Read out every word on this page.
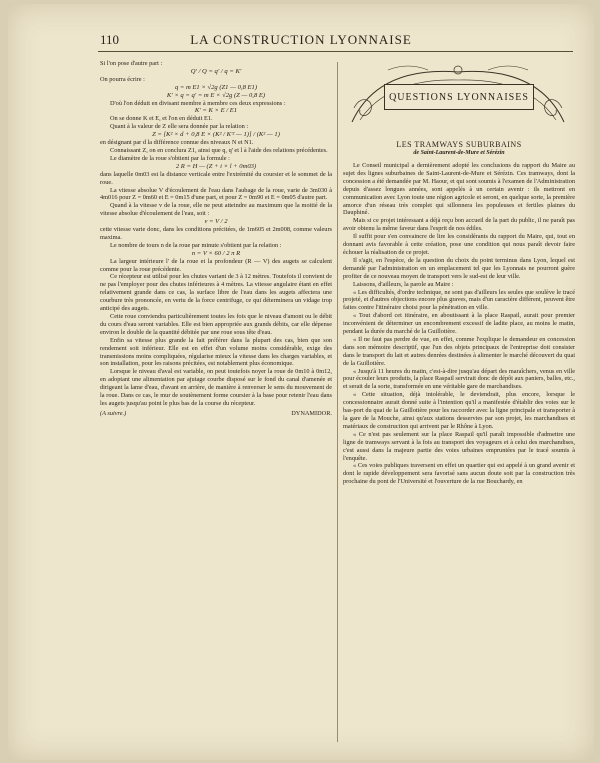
110	LA CONSTRUCTION LYONNAISE

Si l'on pose d'autre part :

Q' / Q = q' / q = K'

On pourra écrire :

q = m E1 × √2g (Z1 — 0,8 E1)

K' × q = q' = m E × √2g (Z — 0,8 E)

D'où l'on déduit en divisant membre à membre ces deux expressions :

K' = K × E / E1

On se donne K et E, et l'on en déduit E1.

Quant à la valeur de Z elle sera donnée par la relation :

Z = [K² × d + 0,8 E × (K² / K'² — 1)] / (K² — 1)

en désignant par d la différence connue des niveaux N et N1.

Connaissant Z, on en conclura Z1, ainsi que q, q' et l à l'aide des relations précédentes.

Le diamètre de la roue s'obtient par la formule :

2 R = H — (Z + i × l + 0m03)

dans laquelle 0m03 est la distance verticale entre l'extrémité du coursier et le sommet de la roue.

La vitesse absolue V d'écoulement de l'eau dans l'aubage de la roue, varie de 3m030 à 4m016 pour Z = 0m60 et E = 0m15 d'une part, et pour Z = 0m90 et E = 0m05 d'autre part.

Quand à la vitesse v de la roue, elle ne peut atteindre au maximum que la moitié de la vitesse absolue d'écoulement de l'eau, soit :

v = V / 2

cette vitesse varie donc, dans les conditions précitées, de 1m605 et 2m008, comme valeurs maxima.

Le nombre de tours n de la roue par minute s'obtient par la relation :

n = V × 60 / 2 π R

La largeur intérieure l' de la roue et la profondeur (R — V) des augets se calculent comme pour la roue précédente.

Ce récepteur est utilisé pour les chutes variant de 3 à 12 mètres. Toutefois il convient de ne pas l'employer pour des chutes inférieures à 4 mètres. La vitesse angulaire étant en effet relativement grande dans ce cas, la surface libre de l'eau dans les augets affectera une courbure très prononcée, en vertu de la force centrifuge, ce qui déterminera un vidage trop anticipé des augets.

Cette roue conviendra particulièrement toutes les fois que le niveau d'amont ou le débit du cours d'eau seront variables. Elle est bien appropriée aux grands débits, car elle dépense environ le double de la quantité débitée par une roue sous tête d'eau.

Enfin sa vitesse plus grande la fait préférer dans la plupart des cas, bien que son rendement soit inférieur. Elle est en effet d'un volume moins considérable, exige des transmissions moins compliquées, régularise mieux la vitesse dans les charges variables, et son installation, pour les raisons précitées, est notablement plus économique.

Lorsque le niveau d'aval est variable, on peut toutefois noyer la roue de 0m10 à 0m12, en adoptant une alimentation par ajutage courbe disposé sur le fond du canal d'amenée et dirigeant la lame d'eau, d'avant en arrière, de manière à renverser le sens du mouvement de la roue. Dans ce cas, le mur de soutènement forme coursier à la base pour retenir l'eau dans les augets jusqu'au point le plus bas de la course du récepteur.

(A suivre.)	DYNAMIDOR.
QUESTIONS LYONNAISES
LES TRAMWAYS SUBURBAINS
de Saint-Laurent-de-Mure et Sérézin

Le Conseil municipal a dernièrement adopté les conclusions du rapport du Maire au sujet des lignes suburbaines de Saint-Laurent-de-Mure et Sérézin. Ces tramways, dont la concession a été demandée par M. Haour, et qui sont soumis à l'examen de l'Administration depuis d'assez longues années, sont appelés à un certain avenir : ils mettront en communication avec Lyon toute une région agricole et seront, en quelque sorte, la première amorce d'un réseau très complet qui sillonnera les populeuses et fertiles plaines du Dauphiné.

Mais si ce projet intéressant a déjà reçu bon accueil de la part du public, il ne paraît pas avoir obtenu la même faveur dans l'esprit de nos édiles.

Il suffit pour s'en convaincre de lire les considérants du rapport du Maire, qui, tout en donnant avis favorable à cette création, pose une condition qui nous paraît devoir faire échouer la réalisation de ce projet.

Il s'agit, en l'espèce, de la question du choix du point terminus dans Lyon, lequel est demandé par l'administration en un emplacement tel que les Lyonnais ne pourront guère profiter de ce nouveau moyen de transport vers le sud-est de leur ville.

Laissons, d'ailleurs, la parole au Maire :

« Les difficultés, d'ordre technique, ne sont pas d'ailleurs les seules que soulève le tracé projeté, et d'autres objections encore plus graves, mais d'un caractère différent, peuvent être faites contre l'itinéraire choisi pour la pénétration en ville.

« Tout d'abord cet itinéraire, en aboutissant à la place Raspail, aurait pour premier inconvénient de déterminer un encombrement excessif de ladite place, au moins le matin, pendant la durée du marché de la Guillotière.

« Il ne faut pas perdre de vue, en effet, comme l'explique le demandeur en concession dans son mémoire descriptif, que l'un des objets principaux de l'entreprise doit consister dans le transport du lait et autres denrées destinées à alimenter le marché découvert du quai de la Guillotière.

« Jusqu'à 11 heures du matin, c'est-à-dire jusqu'au départ des maraîchers, venus en ville pour écouler leurs produits, la place Raspail servirait donc de dépôt aux paniers, balles, etc., et serait de la sorte, transformée en une véritable gare de marchandises.

« Cette situation, déjà intolérable, le deviendrait, plus encore, lorsque le concessionnaire aurait donné suite à l'intention qu'il a manifestée d'établir des voies sur le bas-port du quai de la Guillotière pour les raccorder avec la ligne principale et transporter à la gare de la Mouche, ainsi qu'aux stations desservies par son projet, les marchandises et matériaux de construction qui arrivent par le Rhône à Lyon.

« Ce n'est pas seulement sur la place Raspail qu'il paraît impossible d'admettre une ligne de tramways servant à la fois au transport des voyageurs et à celui des marchandises, c'est aussi dans la majeure partie des voies urbaines empruntées par le tracé soumis à l'enquête.

« Ces voies publiques traversent en effet un quartier qui est appelé à un grand avenir et dont le rapide développement sera favorisé sans aucun doute soit par la construction très prochaine du pont de l'Université et l'ouverture de la rue Bouchardy, en
